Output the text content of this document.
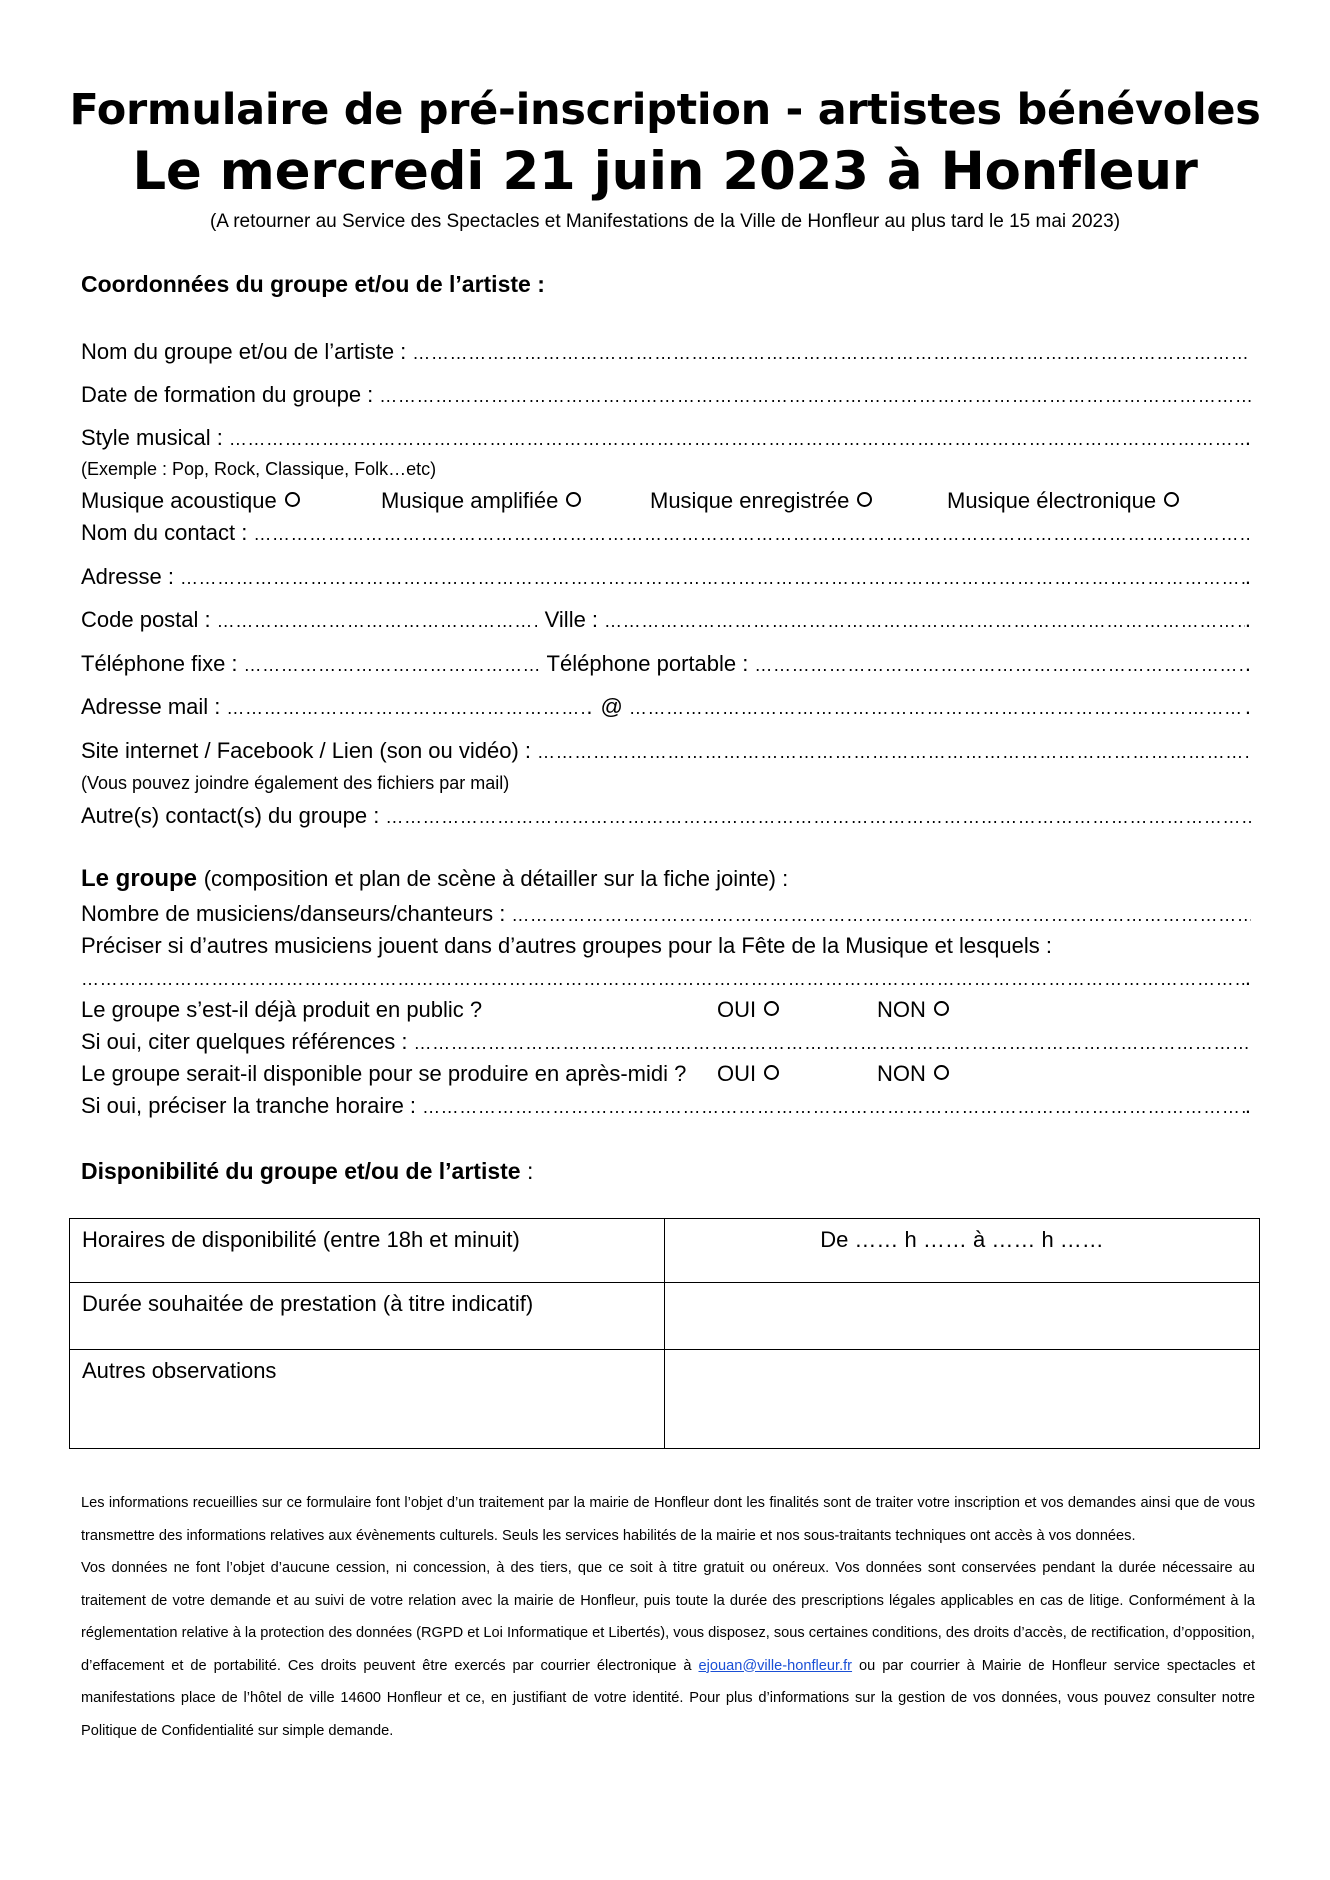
Formulaire de pré-inscription - artistes bénévoles
Le mercredi 21 juin 2023 à Honfleur
(A retourner au Service des Spectacles et Manifestations de la Ville de Honfleur au plus tard le 15 mai 2023)
Coordonnées du groupe et/ou de l’artiste :
Nom du groupe et/ou de l’artiste :
…………………………………………………………………………………………………………………………………………………………………………………………………………………………………………
Date de formation du groupe :
…………………………………………………………………………………………………………………………………………………………………………………………………………………………………………
Style musical : …………………………………………………………………………………………………………………………………………………………………………………………………………………………………………	.
(Exemple : Pop, Rock, Classique, Folk…etc)
Musique acoustique	Musique amplifiée	Musique enregistrée	Musique électronique
Nom du contact :
…………………………………………………………………………………………………………………………………………………………………………………………………………………………………………
Adresse : …………………………………………………………………………………………………………………………………………………………………………………………………………………………………………	.
Code postal : …………………………………………………………………………………………………………………………………	Ville : …………………………………………………………………………………………………………………………………………………………………………………………………………………………………………	.
Téléphone fixe : …………………………………………………………………………………………………………………………………	Téléphone portable : …………………………………………………………………………………………………………………………………………………………………………………………………………………………………………	.
Adresse mail : …………………………………………………………………………………………………………………………………	. @ …………………………………………………………………………………………………………………………………………………………………………………………………………………………………………	.
Site internet / Facebook / Lien (son ou vidéo) :
…………………………………………………………………………………………………………………………………………………………………………………………………………………………………………
(Vous pouvez joindre également des fichiers par mail)
Autre(s) contact(s) du groupe :
…………………………………………………………………………………………………………………………………………………………………………………………………………………………………………
Le groupe (composition et plan de scène à détailler sur la fiche jointe) :
Nombre de musiciens/danseurs/chanteurs :
…………………………………………………………………………………………………………………………………………………………………………………………………………………………………………
Préciser si d’autres musiciens jouent dans d’autres groupes pour la Fête de la Musique et lesquels :
…………………………………………………………………………………………………………………………………………………………………………………………………………………………………………
.
Le groupe s’est-il déjà produit en public ?	OUI	NON
Si oui, citer quelques références :
…………………………………………………………………………………………………………………………………………………………………………………………………………………………………………
Le groupe serait-il disponible pour se produire en après-midi ? OUI	NON
Si oui, préciser la tranche horaire : …………………………………………………………………………………………………………………………………………………………………………………………………………………………………………	.
Disponibilité du groupe et/ou de l’artiste :
Horaires de disponibilité (entre 18h et minuit)	De …… h …… à …… h ……
Durée souhaitée de prestation (à titre indicatif)	
Autres observations	

Les informations recueillies sur ce formulaire font l’objet d’un traitement par la mairie de Honfleur dont les finalités sont de traiter votre inscription et vos demandes ainsi que de vous transmettre des informations relatives aux évènements culturels. Seuls les services habilités de la mairie et nos sous-traitants techniques ont accès à vos données.

Vos données ne font l’objet d’aucune cession, ni concession, à des tiers, que ce soit à titre gratuit ou onéreux. Vos données sont conservées pendant la durée nécessaire au traitement de votre demande et au suivi de votre relation avec la mairie de Honfleur, puis toute la durée des prescriptions légales applicables en cas de litige. Conformément à la réglementation relative à la protection des données (RGPD et Loi Informatique et Libertés), vous disposez, sous certaines conditions, des droits d’accès, de rectification, d’opposition, d’effacement et de portabilité. Ces droits peuvent être exercés par courrier électronique à ejouan@ville-honfleur.fr ou par courrier à Mairie de Honfleur service spectacles et manifestations place de l’hôtel de ville 14600 Honfleur et ce, en justifiant de votre identité. Pour plus d’informations sur la gestion de vos données, vous pouvez consulter notre Politique de Confidentialité sur simple demande.
